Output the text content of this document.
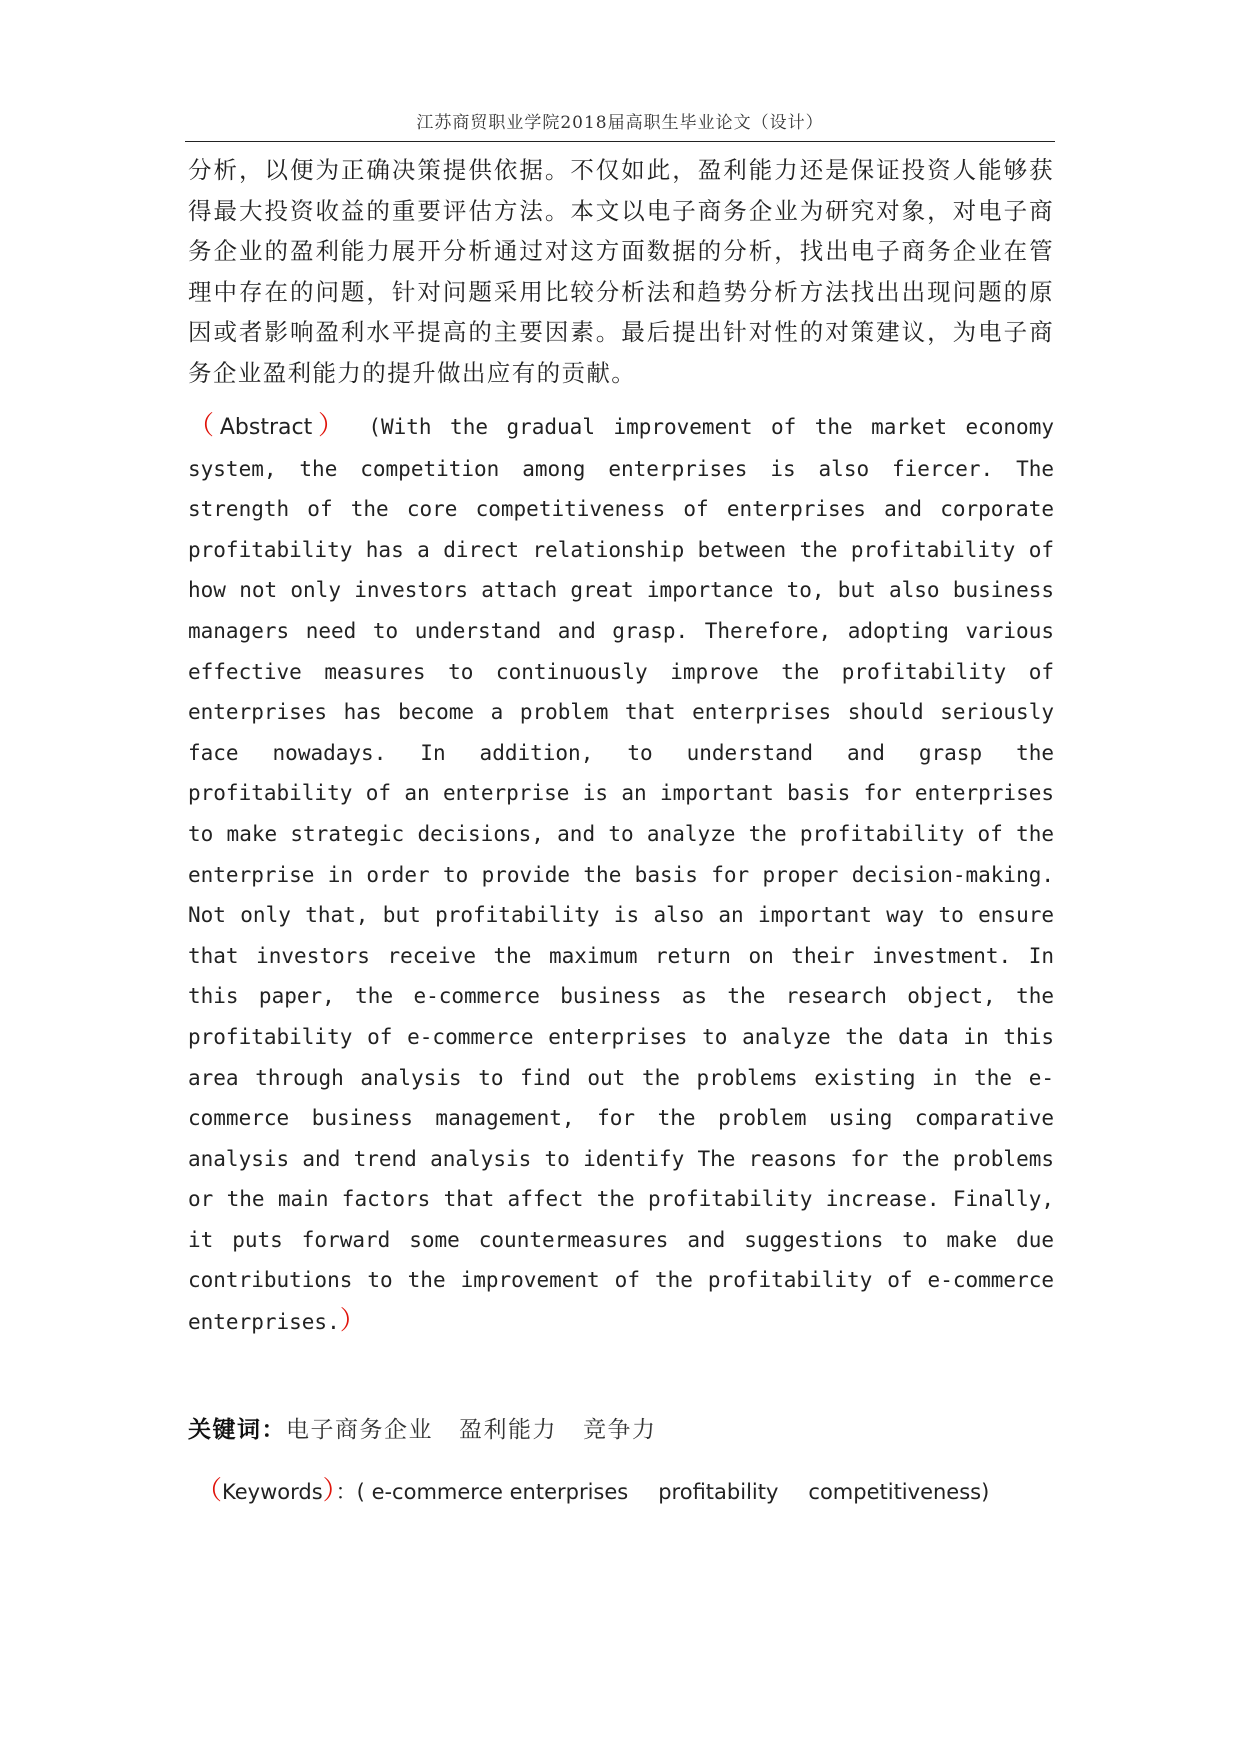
江苏商贸职业学院2018届高职生毕业论文（设计）

分析，以便为正确决策提供依据。不仅如此，盈利能力还是保证投资人能够获得最大投资收益的重要评估方法。本文以电子商务企业为研究对象，对电子商务企业的盈利能力展开分析通过对这方面数据的分析，找出电子商务企业在管理中存在的问题，针对问题采用比较分析法和趋势分析方法找出出现问题的原因或者影响盈利水平提高的主要因素。最后提出针对性的对策建议，为电子商务企业盈利能力的提升做出应有的贡献。

（Abstract） (With the gradual improvement of the market economy system, the competition among enterprises is also fiercer. The strength of the core competitiveness of enterprises and corporate profitability has a direct relationship between the profitability of how not only investors attach great importance to, but also business managers need to understand and grasp. Therefore, adopting various effective measures to continuously improve the profitability of enterprises has become a problem that enterprises should seriously face nowadays. In addition, to understand and grasp the profitability of an enterprise is an important basis for enterprises to make strategic decisions, and to analyze the profitability of the enterprise in order to provide the basis for proper decision-making. Not only that, but profitability is also an important way to ensure that investors receive the maximum return on their investment. In this paper, the e-commerce business as the research object, the profitability of e-commerce enterprises to analyze the data in this area through analysis to find out the problems existing in the e-commerce business management, for the problem using comparative analysis and trend analysis to identify The reasons for the problems or the main factors that affect the profitability increase. Finally, it puts forward some countermeasures and suggestions to make due contributions to the improvement of the profitability of e-commerce enterprises.）

关键词：电子商务企业 盈利能力 竞争力

（Keywords）：( e-commerce enterprises profitability competitiveness)
